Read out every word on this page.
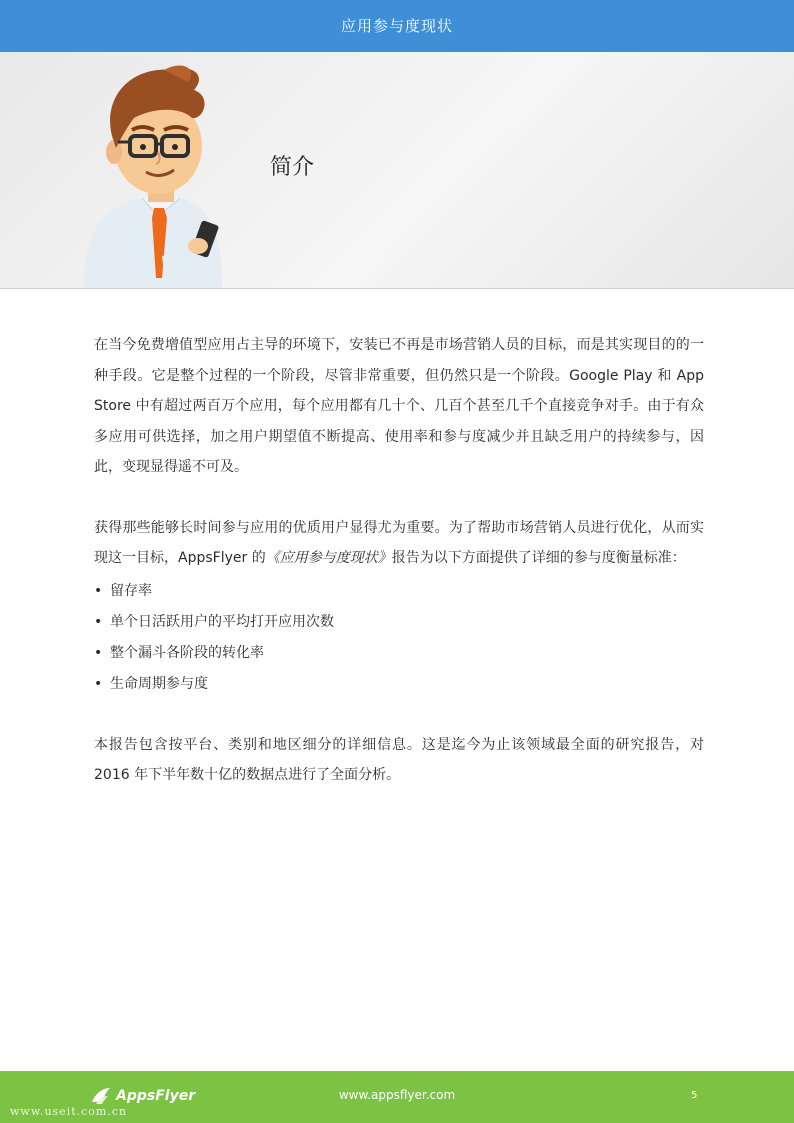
应用参与度现状
简介

在当今免费增值型应用占主导的环境下，安装已不再是市场营销人员的目标，而是其实现目的的一种手段。它是整个过程的一个阶段，尽管非常重要，但仍然只是一个阶段。Google Play 和 App Store 中有超过两百万个应用，每个应用都有几十个、几百个甚至几千个直接竞争对手。由于有众多应用可供选择，加之用户期望值不断提高、使用率和参与度减少并且缺乏用户的持续参与，因此，变现显得遥不可及。

获得那些能够长时间参与应用的优质用户显得尤为重要。为了帮助市场营销人员进行优化，从而实现这一目标，AppsFlyer 的《应用参与度现状》报告为以下方面提供了详细的参与度衡量标准：

• 留存率
• 单个日活跃用户的平均打开应用次数
• 整个漏斗各阶段的转化率
• 生命周期参与度

本报告包含按平台、类别和地区细分的详细信息。这是迄今为止该领域最全面的研究报告，对 2016 年下半年数十亿的数据点进行了全面分析。

AppsFlyer
www.useit.com.cn
www.appsflyer.com	5
